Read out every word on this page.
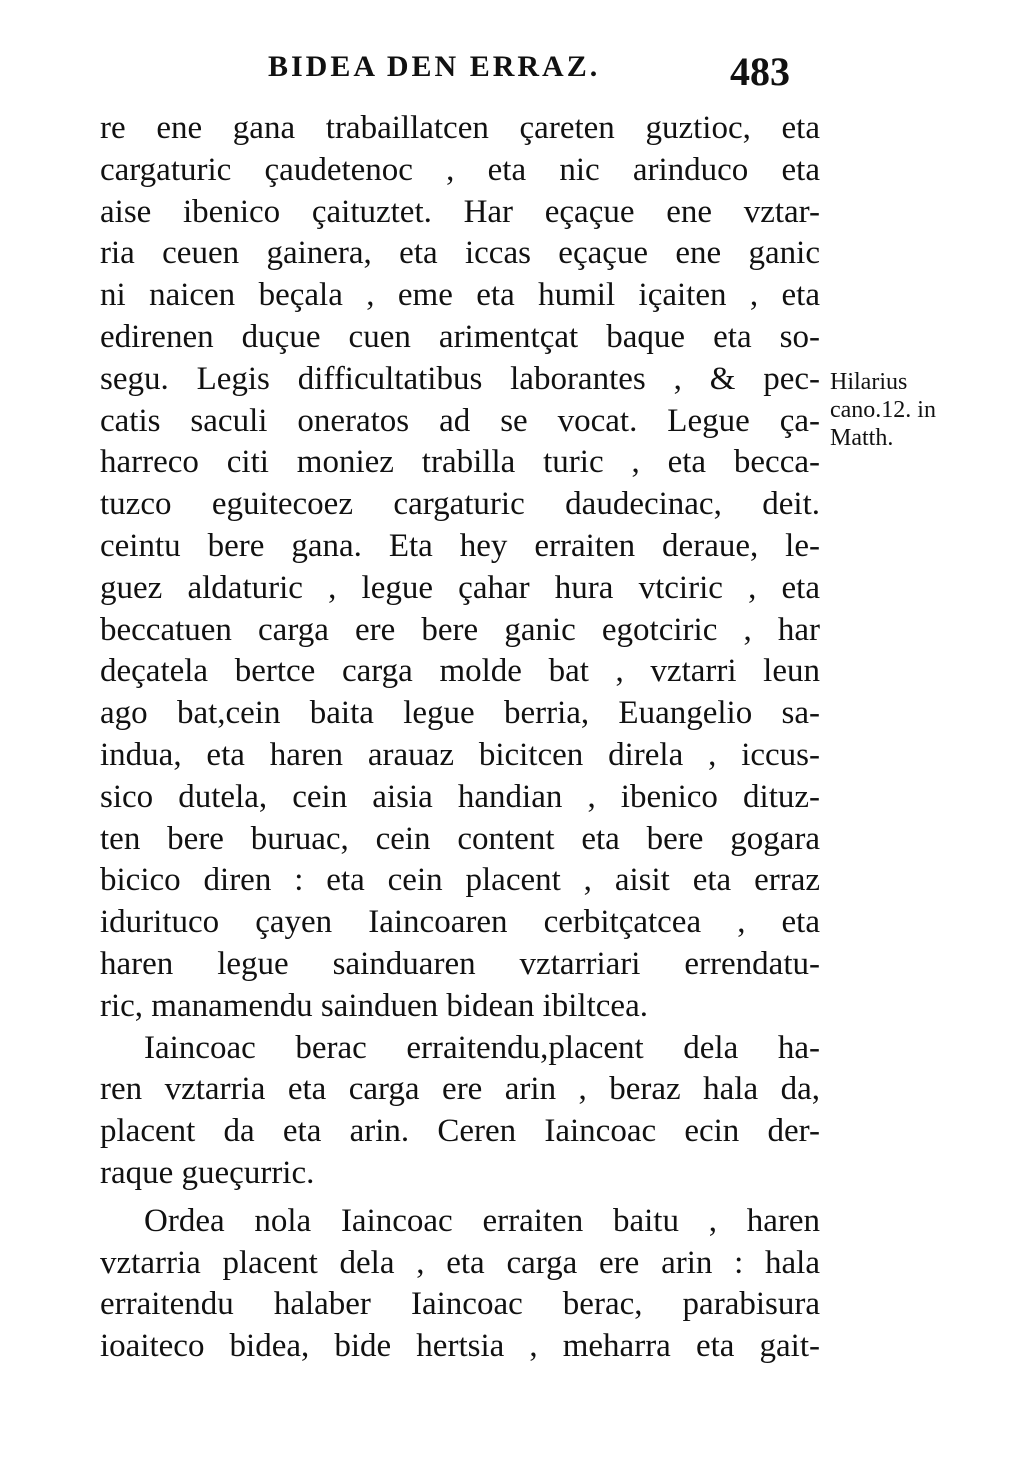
BIDEA DEN ERRAZ.	483
re ene gana trabaillatcen çareten guztioc, eta
cargaturic çaudetenoc , eta nic arinduco eta
aise ibenico çaituztet. Har eçaçue ene vztar-
ria ceuen gainera, eta iccas eçaçue ene ganic
ni naicen beçala , eme eta humil içaiten , eta
edirenen duçue cuen arimentçat baque eta so-
segu. Legis difficultatibus laborantes , & pec-
catis saculi oneratos ad se vocat. Legue ça-
harreco citi moniez trabilla turic , eta becca-
tuzco eguitecoez cargaturic daudecinac, deit.
ceintu bere gana. Eta hey erraiten deraue, le-
guez aldaturic , legue çahar hura vtciric , eta
beccatuen carga ere bere ganic egotciric , har
deçatela bertce carga molde bat , vztarri leun
ago bat,cein baita legue berria, Euangelio sa-
indua, eta haren arauaz bicitcen direla , iccus-
sico dutela, cein aisia handian , ibenico dituz-
ten bere buruac, cein content eta bere gogara
bicico diren : eta cein placent , aisit eta erraz
idurituco çayen Iaincoaren cerbitçatcea , eta
haren legue sainduaren vztarriari errendatu-
ric, manamendu sainduen bidean ibiltcea.
Iaincoac berac erraitendu,placent dela ha-
ren vztarria eta carga ere arin , beraz hala da,
placent da eta arin. Ceren Iaincoac ecin der-
raque gueçurric.
Ordea nola Iaincoac erraiten baitu , haren
vztarria placent dela , eta carga ere arin : hala
erraitendu halaber Iaincoac berac, parabisura
ioaiteco bidea, bide hertsia , meharra eta gait-
Hilarius
cano.12. in
Matth.
